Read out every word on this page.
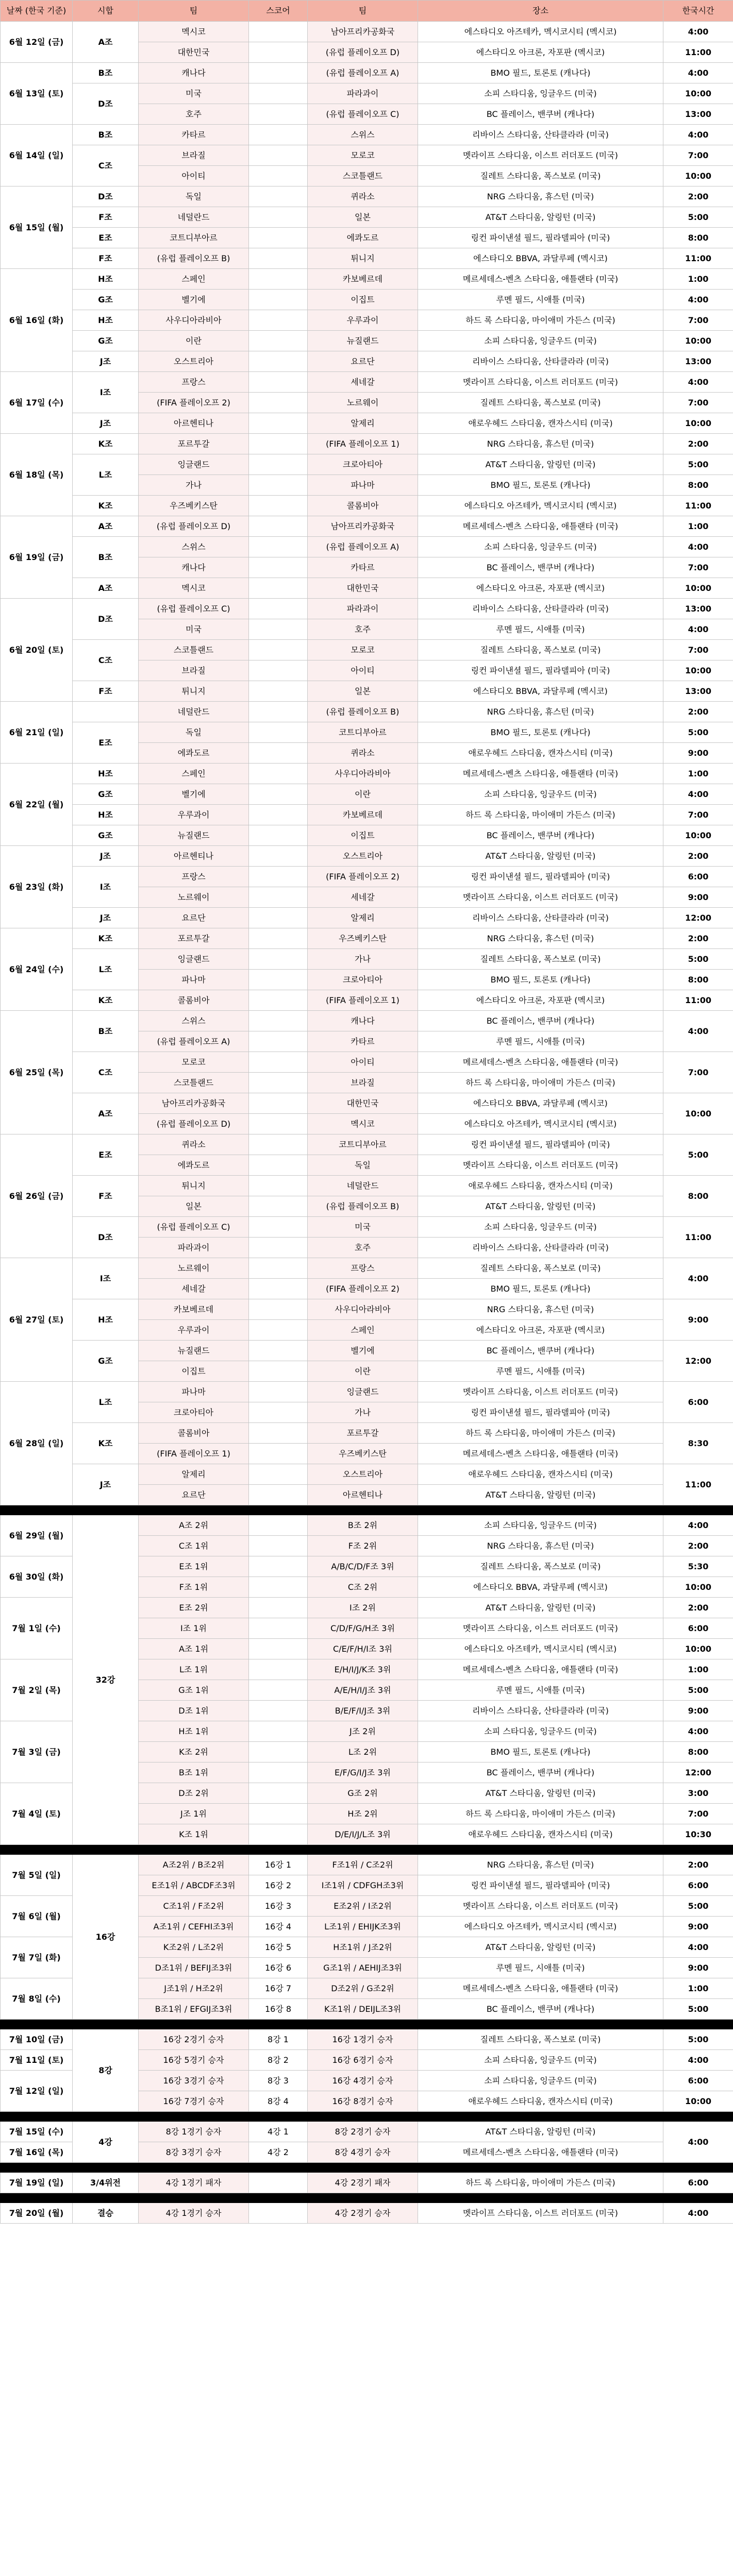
날짜 (한국 기준)	시합	팀	스코어	팀	장소	한국시간
6월 12일 (금)	A조	멕시코		남아프리카공화국	에스타디오 아즈테카, 멕시코시티 (멕시코)	4:00
		대한민국		(유럽 플레이오프 D)	에스타디오 아크론, 자포판 (멕시코)	11:00
6월 13일 (토)	B조	캐나다		(유럽 플레이오프 A)	BMO 필드, 토론토 (캐나다)	4:00
	D조	미국		파라과이	소피 스타디움, 잉글우드 (미국)	10:00
		호주		(유럽 플레이오프 C)	BC 플레이스, 밴쿠버 (캐나다)	13:00
6월 14일 (일)	B조	카타르		스위스	리바이스 스타디움, 산타클라라 (미국)	4:00
	C조	브라질		모로코	멧라이프 스타디움, 이스트 러더포드 (미국)	7:00
		아이티		스코틀랜드	질레트 스타디움, 폭스보로 (미국)	10:00
6월 15일 (월)	D조	독일		퀴라소	NRG 스타디움, 휴스턴 (미국)	2:00
	F조	네덜란드		일본	AT&T 스타디움, 알링턴 (미국)	5:00
	E조	코트디부아르		에콰도르	링컨 파이낸셜 필드, 필라델피아 (미국)	8:00
	F조	(유럽 플레이오프 B)		튀니지	에스타디오 BBVA, 과달루페 (멕시코)	11:00
6월 16일 (화)	H조	스페인		카보베르데	메르세데스-벤츠 스타디움, 애틀랜타 (미국)	1:00
	G조	벨기에		이집트	루멘 필드, 시애틀 (미국)	4:00
	H조	사우디아라비아		우루과이	하드 록 스타디움, 마이애미 가든스 (미국)	7:00
	G조	이란		뉴질랜드	소피 스타디움, 잉글우드 (미국)	10:00
	J조	오스트리아		요르단	리바이스 스타디움, 산타클라라 (미국)	13:00
6월 17일 (수)	I조	프랑스		세네갈	멧라이프 스타디움, 이스트 러더포드 (미국)	4:00
		(FIFA 플레이오프 2)		노르웨이	질레트 스타디움, 폭스보로 (미국)	7:00
	J조	아르헨티나		알제리	애로우헤드 스타디움, 캔자스시티 (미국)	10:00
6월 18일 (목)	K조	포르투갈		(FIFA 플레이오프 1)	NRG 스타디움, 휴스턴 (미국)	2:00
	L조	잉글랜드		크로아티아	AT&T 스타디움, 알링턴 (미국)	5:00
		가나		파나마	BMO 필드, 토론토 (캐나다)	8:00
	K조	우즈베키스탄		콜롬비아	에스타디오 아즈테카, 멕시코시티 (멕시코)	11:00
6월 19일 (금)	A조	(유럽 플레이오프 D)		남아프리카공화국	메르세데스-벤츠 스타디움, 애틀랜타 (미국)	1:00
	B조	스위스		(유럽 플레이오프 A)	소피 스타디움, 잉글우드 (미국)	4:00
		캐나다		카타르	BC 플레이스, 밴쿠버 (캐나다)	7:00
	A조	멕시코		대한민국	에스타디오 아크론, 자포판 (멕시코)	10:00
6월 20일 (토)	D조	(유럽 플레이오프 C)		파라과이	리바이스 스타디움, 산타클라라 (미국)	13:00
		미국		호주	루멘 필드, 시애틀 (미국)	4:00
	C조	스코틀랜드		모로코	질레트 스타디움, 폭스보로 (미국)	7:00
		브라질		아이티	링컨 파이낸셜 필드, 필라델피아 (미국)	10:00
	F조	튀니지		일본	에스타디오 BBVA, 과달루페 (멕시코)	13:00
6월 21일 (일)		네덜란드		(유럽 플레이오프 B)	NRG 스타디움, 휴스턴 (미국)	2:00
	E조	독일		코트디부아르	BMO 필드, 토론토 (캐나다)	5:00
		에콰도르		퀴라소	애로우헤드 스타디움, 캔자스시티 (미국)	9:00
6월 22일 (월)	H조	스페인		사우디아라비아	메르세데스-벤츠 스타디움, 애틀랜타 (미국)	1:00
	G조	벨기에		이란	소피 스타디움, 잉글우드 (미국)	4:00
	H조	우루과이		카보베르데	하드 록 스타디움, 마이애미 가든스 (미국)	7:00
	G조	뉴질랜드		이집트	BC 플레이스, 밴쿠버 (캐나다)	10:00
6월 23일 (화)	J조	아르헨티나		오스트리아	AT&T 스타디움, 알링턴 (미국)	2:00
	I조	프랑스		(FIFA 플레이오프 2)	링컨 파이낸셜 필드, 필라델피아 (미국)	6:00
		노르웨이		세네갈	멧라이프 스타디움, 이스트 러더포드 (미국)	9:00
	J조	요르단		알제리	리바이스 스타디움, 산타클라라 (미국)	12:00
6월 24일 (수)	K조	포르투갈		우즈베키스탄	NRG 스타디움, 휴스턴 (미국)	2:00
	L조	잉글랜드		가나	질레트 스타디움, 폭스보로 (미국)	5:00
		파나마		크로아티아	BMO 필드, 토론토 (캐나다)	8:00
	K조	콜롬비아		(FIFA 플레이오프 1)	에스타디오 아크론, 자포판 (멕시코)	11:00
6월 25일 (목)	B조	스위스		캐나다	BC 플레이스, 밴쿠버 (캐나다)	4:00
		(유럽 플레이오프 A)		카타르	루멘 필드, 시애틀 (미국)	
	C조	모로코		아이티	메르세데스-벤츠 스타디움, 애틀랜타 (미국)	7:00
		스코틀랜드		브라질	하드 록 스타디움, 마이애미 가든스 (미국)	
	A조	남아프리카공화국		대한민국	에스타디오 BBVA, 과달루페 (멕시코)	10:00
		(유럽 플레이오프 D)		멕시코	에스타디오 아즈테카, 멕시코시티 (멕시코)	
6월 26일 (금)	E조	퀴라소		코트디부아르	링컨 파이낸셜 필드, 필라델피아 (미국)	5:00
		에콰도르		독일	멧라이프 스타디움, 이스트 러더포드 (미국)	
	F조	튀니지		네덜란드	애로우헤드 스타디움, 캔자스시티 (미국)	8:00
		일본		(유럽 플레이오프 B)	AT&T 스타디움, 알링턴 (미국)	
	D조	(유럽 플레이오프 C)		미국	소피 스타디움, 잉글우드 (미국)	11:00
		파라과이		호주	리바이스 스타디움, 산타클라라 (미국)	
6월 27일 (토)	I조	노르웨이		프랑스	질레트 스타디움, 폭스보로 (미국)	4:00
		세네갈		(FIFA 플레이오프 2)	BMO 필드, 토론토 (캐나다)	
	H조	카보베르데		사우디아라비아	NRG 스타디움, 휴스턴 (미국)	9:00
		우루과이		스페인	에스타디오 아크론, 자포판 (멕시코)	
	G조	뉴질랜드		벨기에	BC 플레이스, 밴쿠버 (캐나다)	12:00
		이집트		이란	루멘 필드, 시애틀 (미국)	
6월 28일 (일)	L조	파나마		잉글랜드	멧라이프 스타디움, 이스트 러더포드 (미국)	6:00
		크로아티아		가나	링컨 파이낸셜 필드, 필라델피아 (미국)	
	K조	콜롬비아		포르투갈	하드 록 스타디움, 마이애미 가든스 (미국)	8:30
		(FIFA 플레이오프 1)		우즈베키스탄	메르세데스-벤츠 스타디움, 애틀랜타 (미국)	
	J조	알제리		오스트리아	애로우헤드 스타디움, 캔자스시티 (미국)	11:00
		요르단		아르헨티나	AT&T 스타디움, 알링턴 (미국)	

6월 29일 (월)	32강	A조 2위		B조 2위	소피 스타디움, 잉글우드 (미국)	4:00
		C조 1위		F조 2위	NRG 스타디움, 휴스턴 (미국)	2:00
6월 30일 (화)		E조 1위		A/B/C/D/F조 3위	질레트 스타디움, 폭스보로 (미국)	5:30
		F조 1위		C조 2위	에스타디오 BBVA, 과달루페 (멕시코)	10:00
7월 1일 (수)		E조 2위		I조 2위	AT&T 스타디움, 알링턴 (미국)	2:00
		I조 1위		C/D/F/G/H조 3위	멧라이프 스타디움, 이스트 러더포드 (미국)	6:00
		A조 1위		C/E/F/H/I조 3위	에스타디오 아즈테카, 멕시코시티 (멕시코)	10:00
7월 2일 (목)		L조 1위		E/H/I/J/K조 3위	메르세데스-벤츠 스타디움, 애틀랜타 (미국)	1:00
		G조 1위		A/E/H/I/J조 3위	루멘 필드, 시애틀 (미국)	5:00
		D조 1위		B/E/F/I/J조 3위	리바이스 스타디움, 산타클라라 (미국)	9:00
7월 3일 (금)		H조 1위		J조 2위	소피 스타디움, 잉글우드 (미국)	4:00
		K조 2위		L조 2위	BMO 필드, 토론토 (캐나다)	8:00
		B조 1위		E/F/G/I/J조 3위	BC 플레이스, 밴쿠버 (캐나다)	12:00
7월 4일 (토)		D조 2위		G조 2위	AT&T 스타디움, 알링턴 (미국)	3:00
		J조 1위		H조 2위	하드 록 스타디움, 마이애미 가든스 (미국)	7:00
		K조 1위		D/E/I/J/L조 3위	애로우헤드 스타디움, 캔자스시티 (미국)	10:30

7월 5일 (일)	16강	A조2위 / B조2위	16강 1	F조1위 / C조2위	NRG 스타디움, 휴스턴 (미국)	2:00
		E조1위 / ABCDF조3위	16강 2	I조1위 / CDFGH조3위	링컨 파이낸셜 필드, 필라델피아 (미국)	6:00
7월 6일 (월)		C조1위 / F조2위	16강 3	E조2위 / I조2위	멧라이프 스타디움, 이스트 러더포드 (미국)	5:00
		A조1위 / CEFHI조3위	16강 4	L조1위 / EHIJK조3위	에스타디오 아즈테카, 멕시코시티 (멕시코)	9:00
7월 7일 (화)		K조2위 / L조2위	16강 5	H조1위 / J조2위	AT&T 스타디움, 알링턴 (미국)	4:00
		D조1위 / BEFIJ조3위	16강 6	G조1위 / AEHIJ조3위	루멘 필드, 시애틀 (미국)	9:00
7월 8일 (수)		J조1위 / H조2위	16강 7	D조2위 / G조2위	메르세데스-벤츠 스타디움, 애틀랜타 (미국)	1:00
		B조1위 / EFGIJ조3위	16강 8	K조1위 / DEIJL조3위	BC 플레이스, 밴쿠버 (캐나다)	5:00

7월 10일 (금)	8강	16강 2경기 승자	8강 1	16강 1경기 승자	질레트 스타디움, 폭스보로 (미국)	5:00
7월 11일 (토)		16강 5경기 승자	8강 2	16강 6경기 승자	소피 스타디움, 잉글우드 (미국)	4:00
7월 12일 (일)		16강 3경기 승자	8강 3	16강 4경기 승자	소피 스타디움, 잉글우드 (미국)	6:00
		16강 7경기 승자	8강 4	16강 8경기 승자	애로우헤드 스타디움, 캔자스시티 (미국)	10:00

7월 15일 (수)	4강	8강 1경기 승자	4강 1	8강 2경기 승자	AT&T 스타디움, 알링턴 (미국)	4:00
7월 16일 (목)		8강 3경기 승자	4강 2	8강 4경기 승자	메르세데스-벤츠 스타디움, 애틀랜타 (미국)	

7월 19일 (일)	3/4위전	4강 1경기 패자		4강 2경기 패자	하드 록 스타디움, 마이애미 가든스 (미국)	6:00

7월 20일 (월)	결승	4강 1경기 승자		4강 2경기 승자	멧라이프 스타디움, 이스트 러더포드 (미국)	4:00
